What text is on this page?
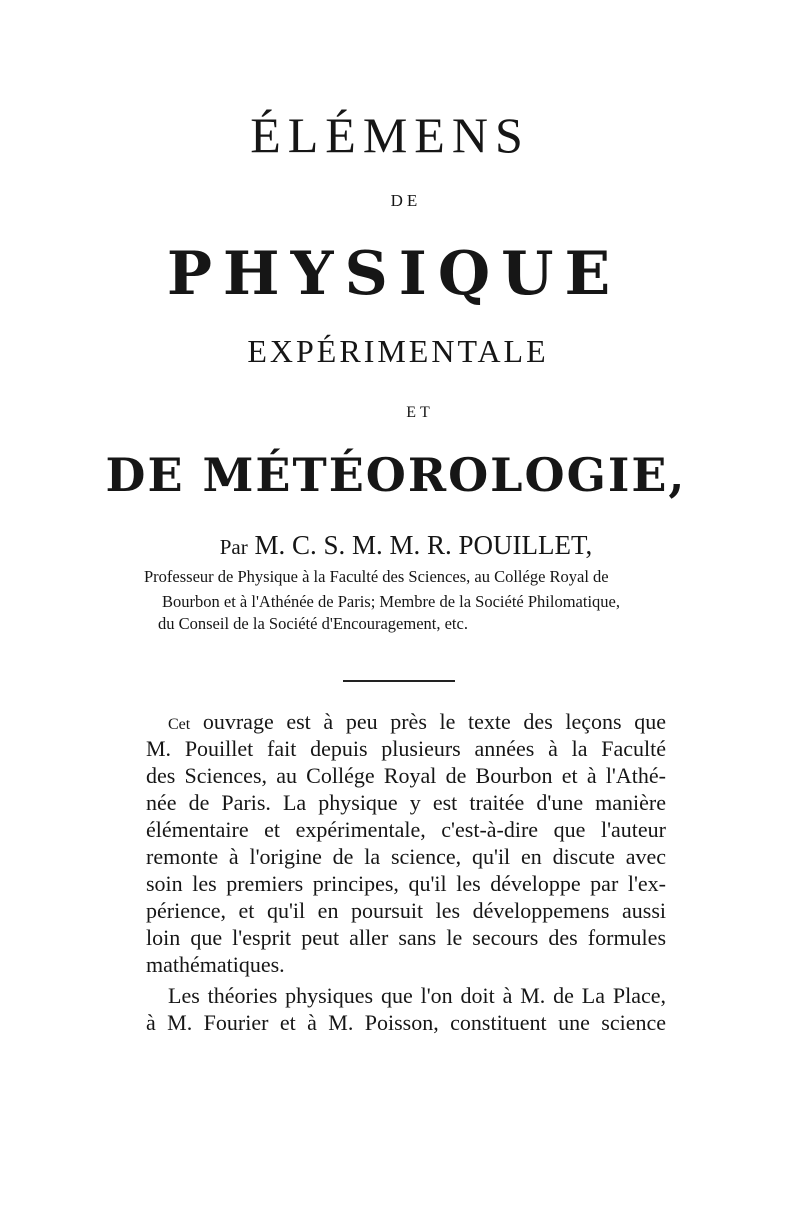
ÉLÉMENS
DE
PHYSIQUE
EXPÉRIMENTALE
ET
DE MÉTÉOROLOGIE,
Par M. C. S. M. M. R. POUILLET,
Professeur de Physique à la Faculté des Sciences, au Collége Royal de
Bourbon et à l'Athénée de Paris; Membre de la Société Philomatique,
du Conseil de la Société d'Encouragement, etc.
Cet ouvrage est à peu près le texte des leçons que
M. Pouillet fait depuis plusieurs années à la Faculté
des Sciences, au Collége Royal de Bourbon et à l'Athé-
née de Paris. La physique y est traitée d'une manière
élémentaire et expérimentale, c'est-à-dire que l'auteur
remonte à l'origine de la science, qu'il en discute avec
soin les premiers principes, qu'il les développe par l'ex-
périence, et qu'il en poursuit les développemens aussi
loin que l'esprit peut aller sans le secours des formules
mathématiques.
Les théories physiques que l'on doit à M. de La Place,
à M. Fourier et à M. Poisson, constituent une science
